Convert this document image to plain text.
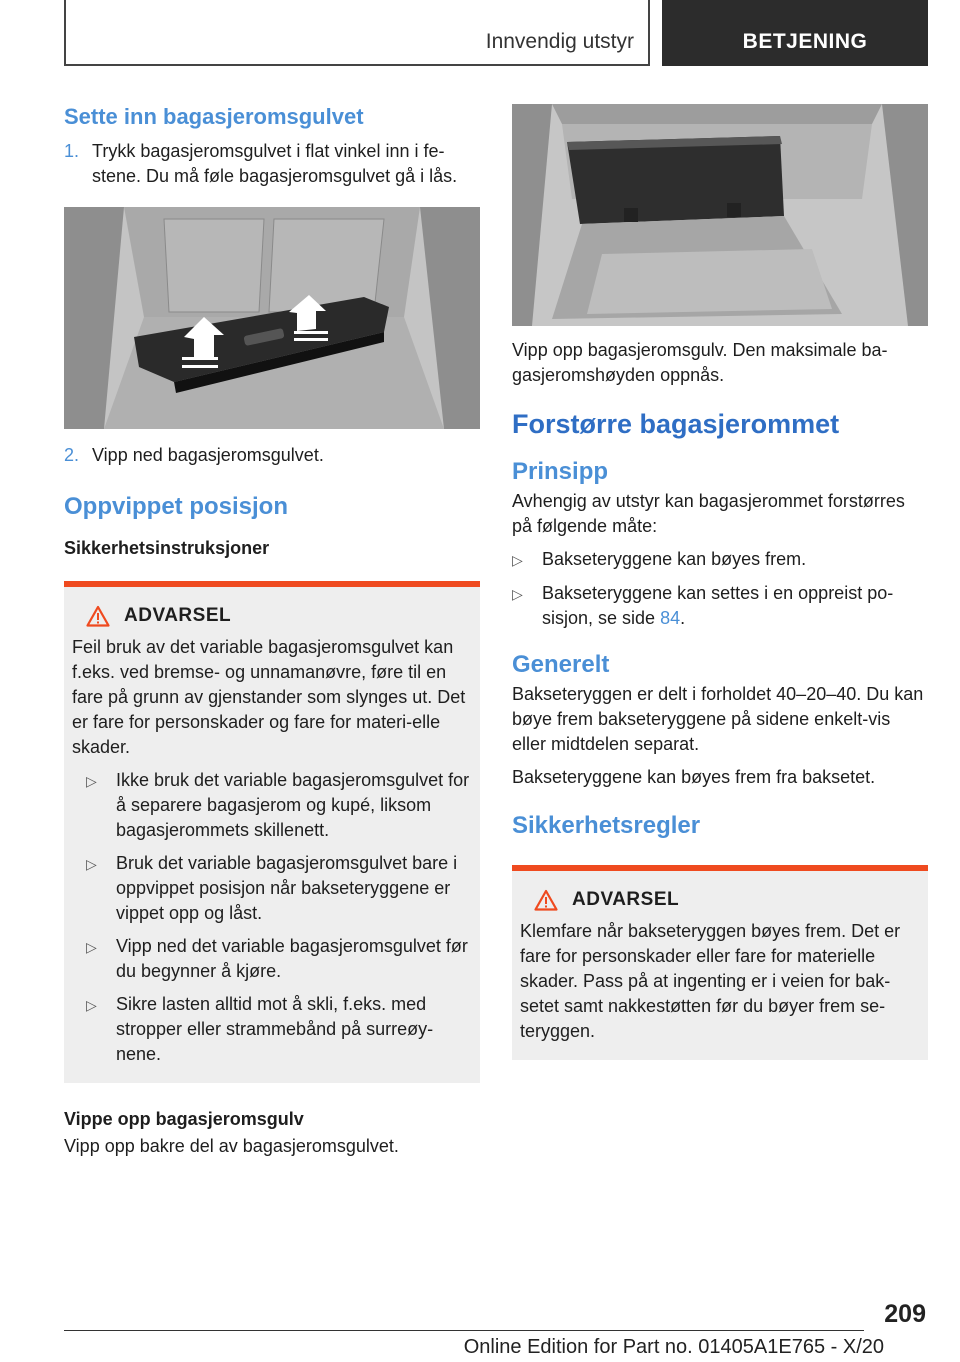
Innvendig utstyr	BETJENING
Sette inn bagasjeromsgulvet
1. Trykk bagasjeromsgulvet i flat vinkel inn i fe-stene. Du må føle bagasjeromsgulvet gå i lås.
2. Vipp ned bagasjeromsgulvet.
Oppvippet posisjon
Sikkerhetsinstruksjoner
ADVARSEL

Feil bruk av det variable bagasjeromsgulvet kan f.eks. ved bremse- og unnamanøvre, føre til en fare på grunn av gjenstander som slynges ut. Det er fare for personskader og fare for materi-elle skader.

▷	Ikke bruk det variable bagasjeromsgulvet for å separere bagasjerom og kupé, liksom bagasjerommets skillenett.
▷	Bruk det variable bagasjeromsgulvet bare i oppvippet posisjon når bakseteryggene er vippet opp og låst.
▷	Vipp ned det variable bagasjeromsgulvet før du begynner å kjøre.
▷	Sikre lasten alltid mot å skli, f.eks. med stropper eller strammebånd på surreøy-nene.
Vippe opp bagasjeromsgulv

Vipp opp bakre del av bagasjeromsgulvet.

Vipp opp bagasjeromsgulv. Den maksimale ba-gasjeromshøyden oppnås.

Forstørre bagasjerommet
Prinsipp

Avhengig av utstyr kan bagasjerommet forstørres på følgende måte:

▷	Bakseteryggene kan bøyes frem.
▷	Bakseteryggene kan settes i en oppreist po-sisjon, se side 84.
Generelt

Bakseteryggen er delt i forholdet 40–20–40. Du kan bøye frem bakseteryggene på sidene enkelt-vis eller midtdelen separat.

Bakseteryggene kan bøyes frem fra baksetet.

Sikkerhetsregler
ADVARSEL

Klemfare når bakseteryggen bøyes frem. Det er fare for personskader eller fare for materielle skader. Pass på at ingenting er i veien for bak-setet samt nakkestøtten før du bøyer frem se-teryggen.

209
Online Edition for Part no. 01405A1E765 - X/20
